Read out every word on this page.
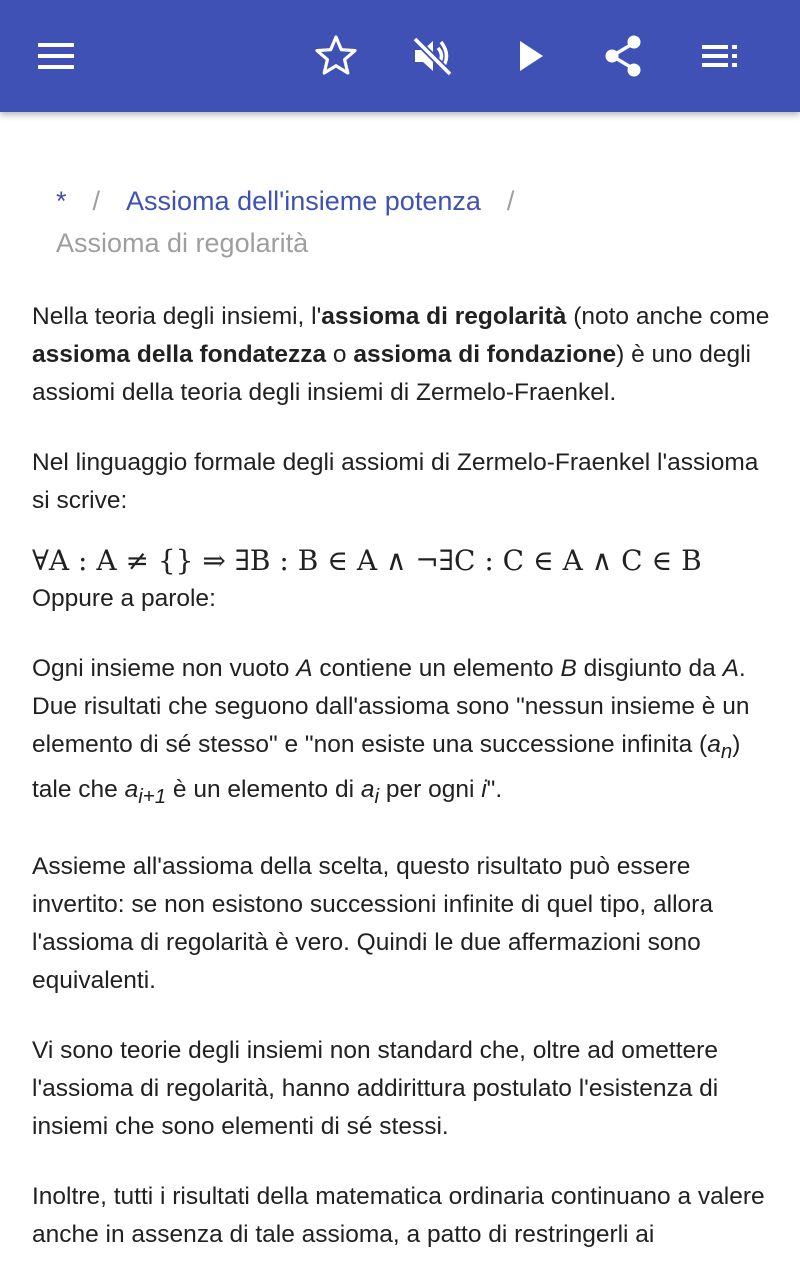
* / Assioma dell'insieme potenza /
Assioma di regolarità

Nella teoria degli insiemi, l'assioma di regolarità (noto anche come assioma della fondatezza o assioma di fondazione) è uno degli assiomi della teoria degli insiemi di Zermelo-Fraenkel.

Nel linguaggio formale degli assiomi di Zermelo-Fraenkel l'assioma si scrive:

∀A : A ≠ {} ⇒ ∃B : B ∈ A ∧ ¬∃C : C ∈ A ∧ C ∈ B

Oppure a parole:

Ogni insieme non vuoto A contiene un elemento B disgiunto da A.

Due risultati che seguono dall'assioma sono "nessun insieme è un elemento di sé stesso" e "non esiste una successione infinita $(a_n)$ tale che $a_{i+1}$ è un elemento di $a_i$ per ogni i".

Assieme all'assioma della scelta, questo risultato può essere invertito: se non esistono successioni infinite di quel tipo, allora l'assioma di regolarità è vero. Quindi le due affermazioni sono equivalenti.

Vi sono teorie degli insiemi non standard che, oltre ad omettere l'assioma di regolarità, hanno addirittura postulato l'esistenza di insiemi che sono elementi di sé stessi.

Inoltre, tutti i risultati della matematica ordinaria continuano a valere anche in assenza di tale assioma, a patto di restringerli ai
